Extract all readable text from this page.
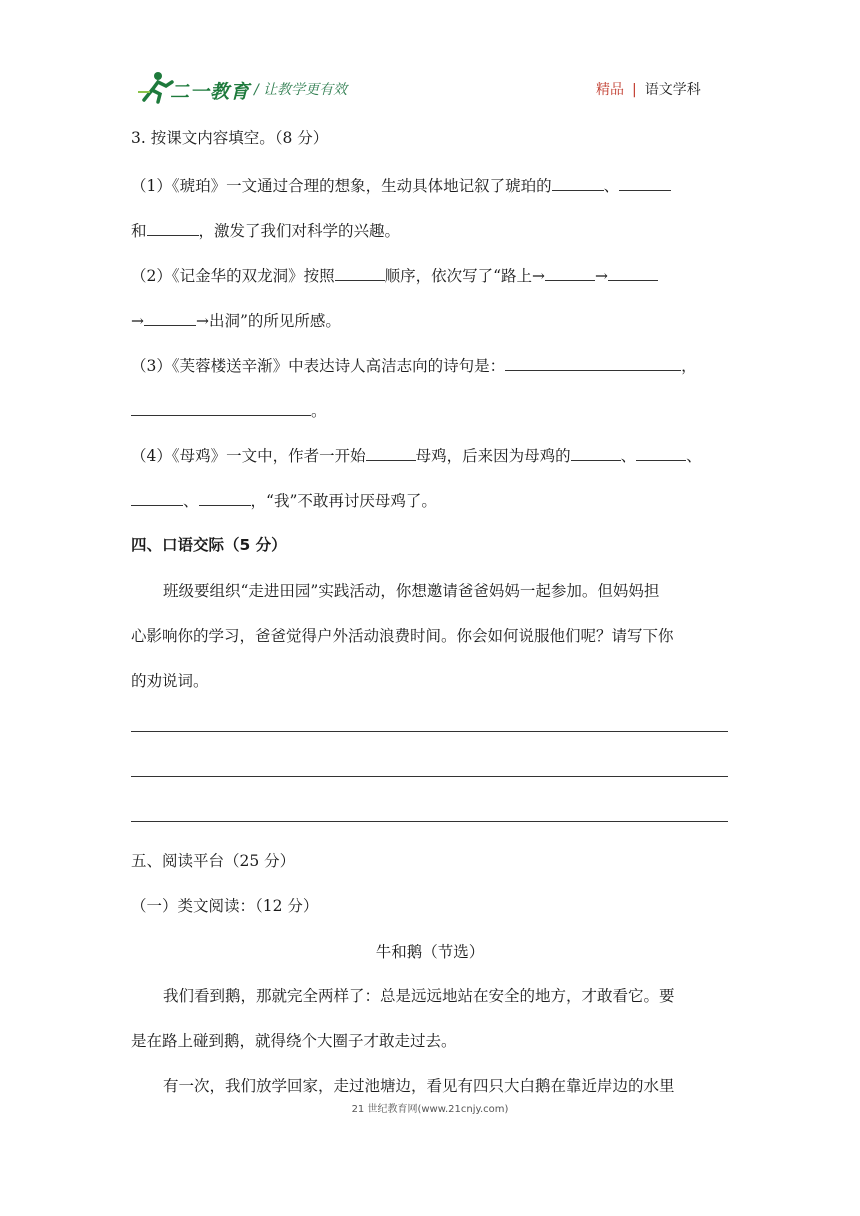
二一教育 / 让教学更有效	精品 | 语文学科
3. 按课文内容填空。（8 分）
（1）《琥珀》一文通过合理的想象，生动具体地记叙了琥珀的	、
和	，激发了我们对科学的兴趣。
（2）《记金华的双龙洞》按照	顺序，依次写了“路上→	→
→	→出洞”的所见所感。
（3）《芙蓉楼送辛渐》中表达诗人高洁志向的诗句是：	，
。
（4）《母鸡》一文中，作者一开始	母鸡，后来因为母鸡的	、	、
、	，“我”不敢再讨厌母鸡了。
四、口语交际（5 分）
班级要组织“走进田园”实践活动，你想邀请爸爸妈妈一起参加。但妈妈担
心影响你的学习，爸爸觉得户外活动浪费时间。你会如何说服他们呢？请写下你
的劝说词。
五、阅读平台（25 分）
（一）类文阅读：（12 分）
牛和鹅（节选）
我们看到鹅，那就完全两样了：总是远远地站在安全的地方，才敢看它。要
是在路上碰到鹅，就得绕个大圈子才敢走过去。
有一次，我们放学回家，走过池塘边，看见有四只大白鹅在靠近岸边的水里
21 世纪教育网(www.21cnjy.com)
